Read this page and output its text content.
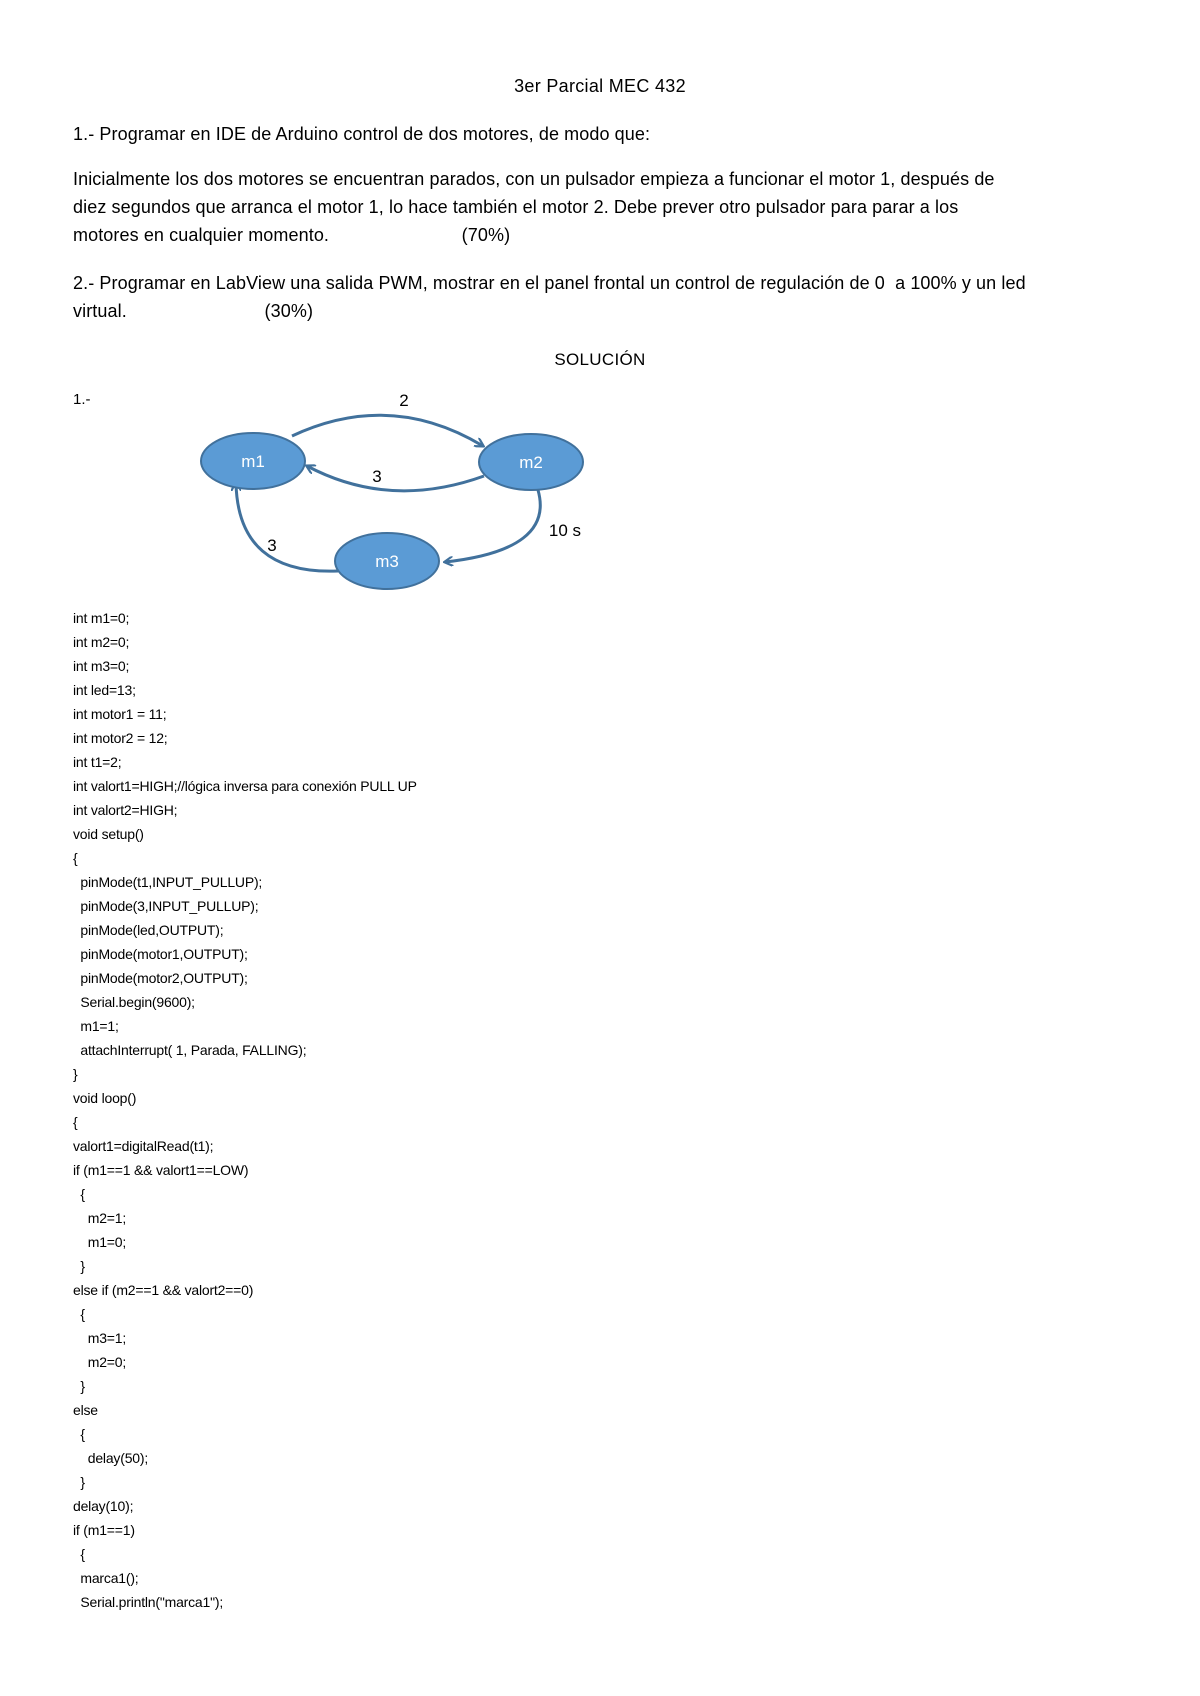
3er Parcial MEC 432
1.- Programar en IDE de Arduino control de dos motores, de modo que:
Inicialmente los dos motores se encuentran parados, con un pulsador empieza a funcionar el motor 1, después de
diez segundos que arranca el motor 1, lo hace también el motor 2. Debe prever otro pulsador para parar a los
motores en cualquier momento.                          (70%)
2.- Programar en LabView una salida PWM, mostrar en el panel frontal un control de regulación de 0  a 100% y un led
virtual.                           (30%)
SOLUCIÓN
1.-
m1	m2
m3
2
3
10 s
3
int m1=0;
int m2=0;
int m3=0;
int led=13;
int motor1 = 11;
int motor2 = 12;
int t1=2;
int valort1=HIGH;//lógica inversa para conexión PULL UP
int valort2=HIGH;
void setup()
{
pinMode(t1,INPUT_PULLUP);
pinMode(3,INPUT_PULLUP);
pinMode(led,OUTPUT);
pinMode(motor1,OUTPUT);
pinMode(motor2,OUTPUT);
Serial.begin(9600);
m1=1;
attachInterrupt( 1, Parada, FALLING);
}
void loop()
{
valort1=digitalRead(t1);
if (m1==1 && valort1==LOW)
{
m2=1;
m1=0;
}
else if (m2==1 && valort2==0)
{
m3=1;
m2=0;
}
else
{
delay(50);
}
delay(10);
if (m1==1)
{
marca1();
Serial.println("marca1");
